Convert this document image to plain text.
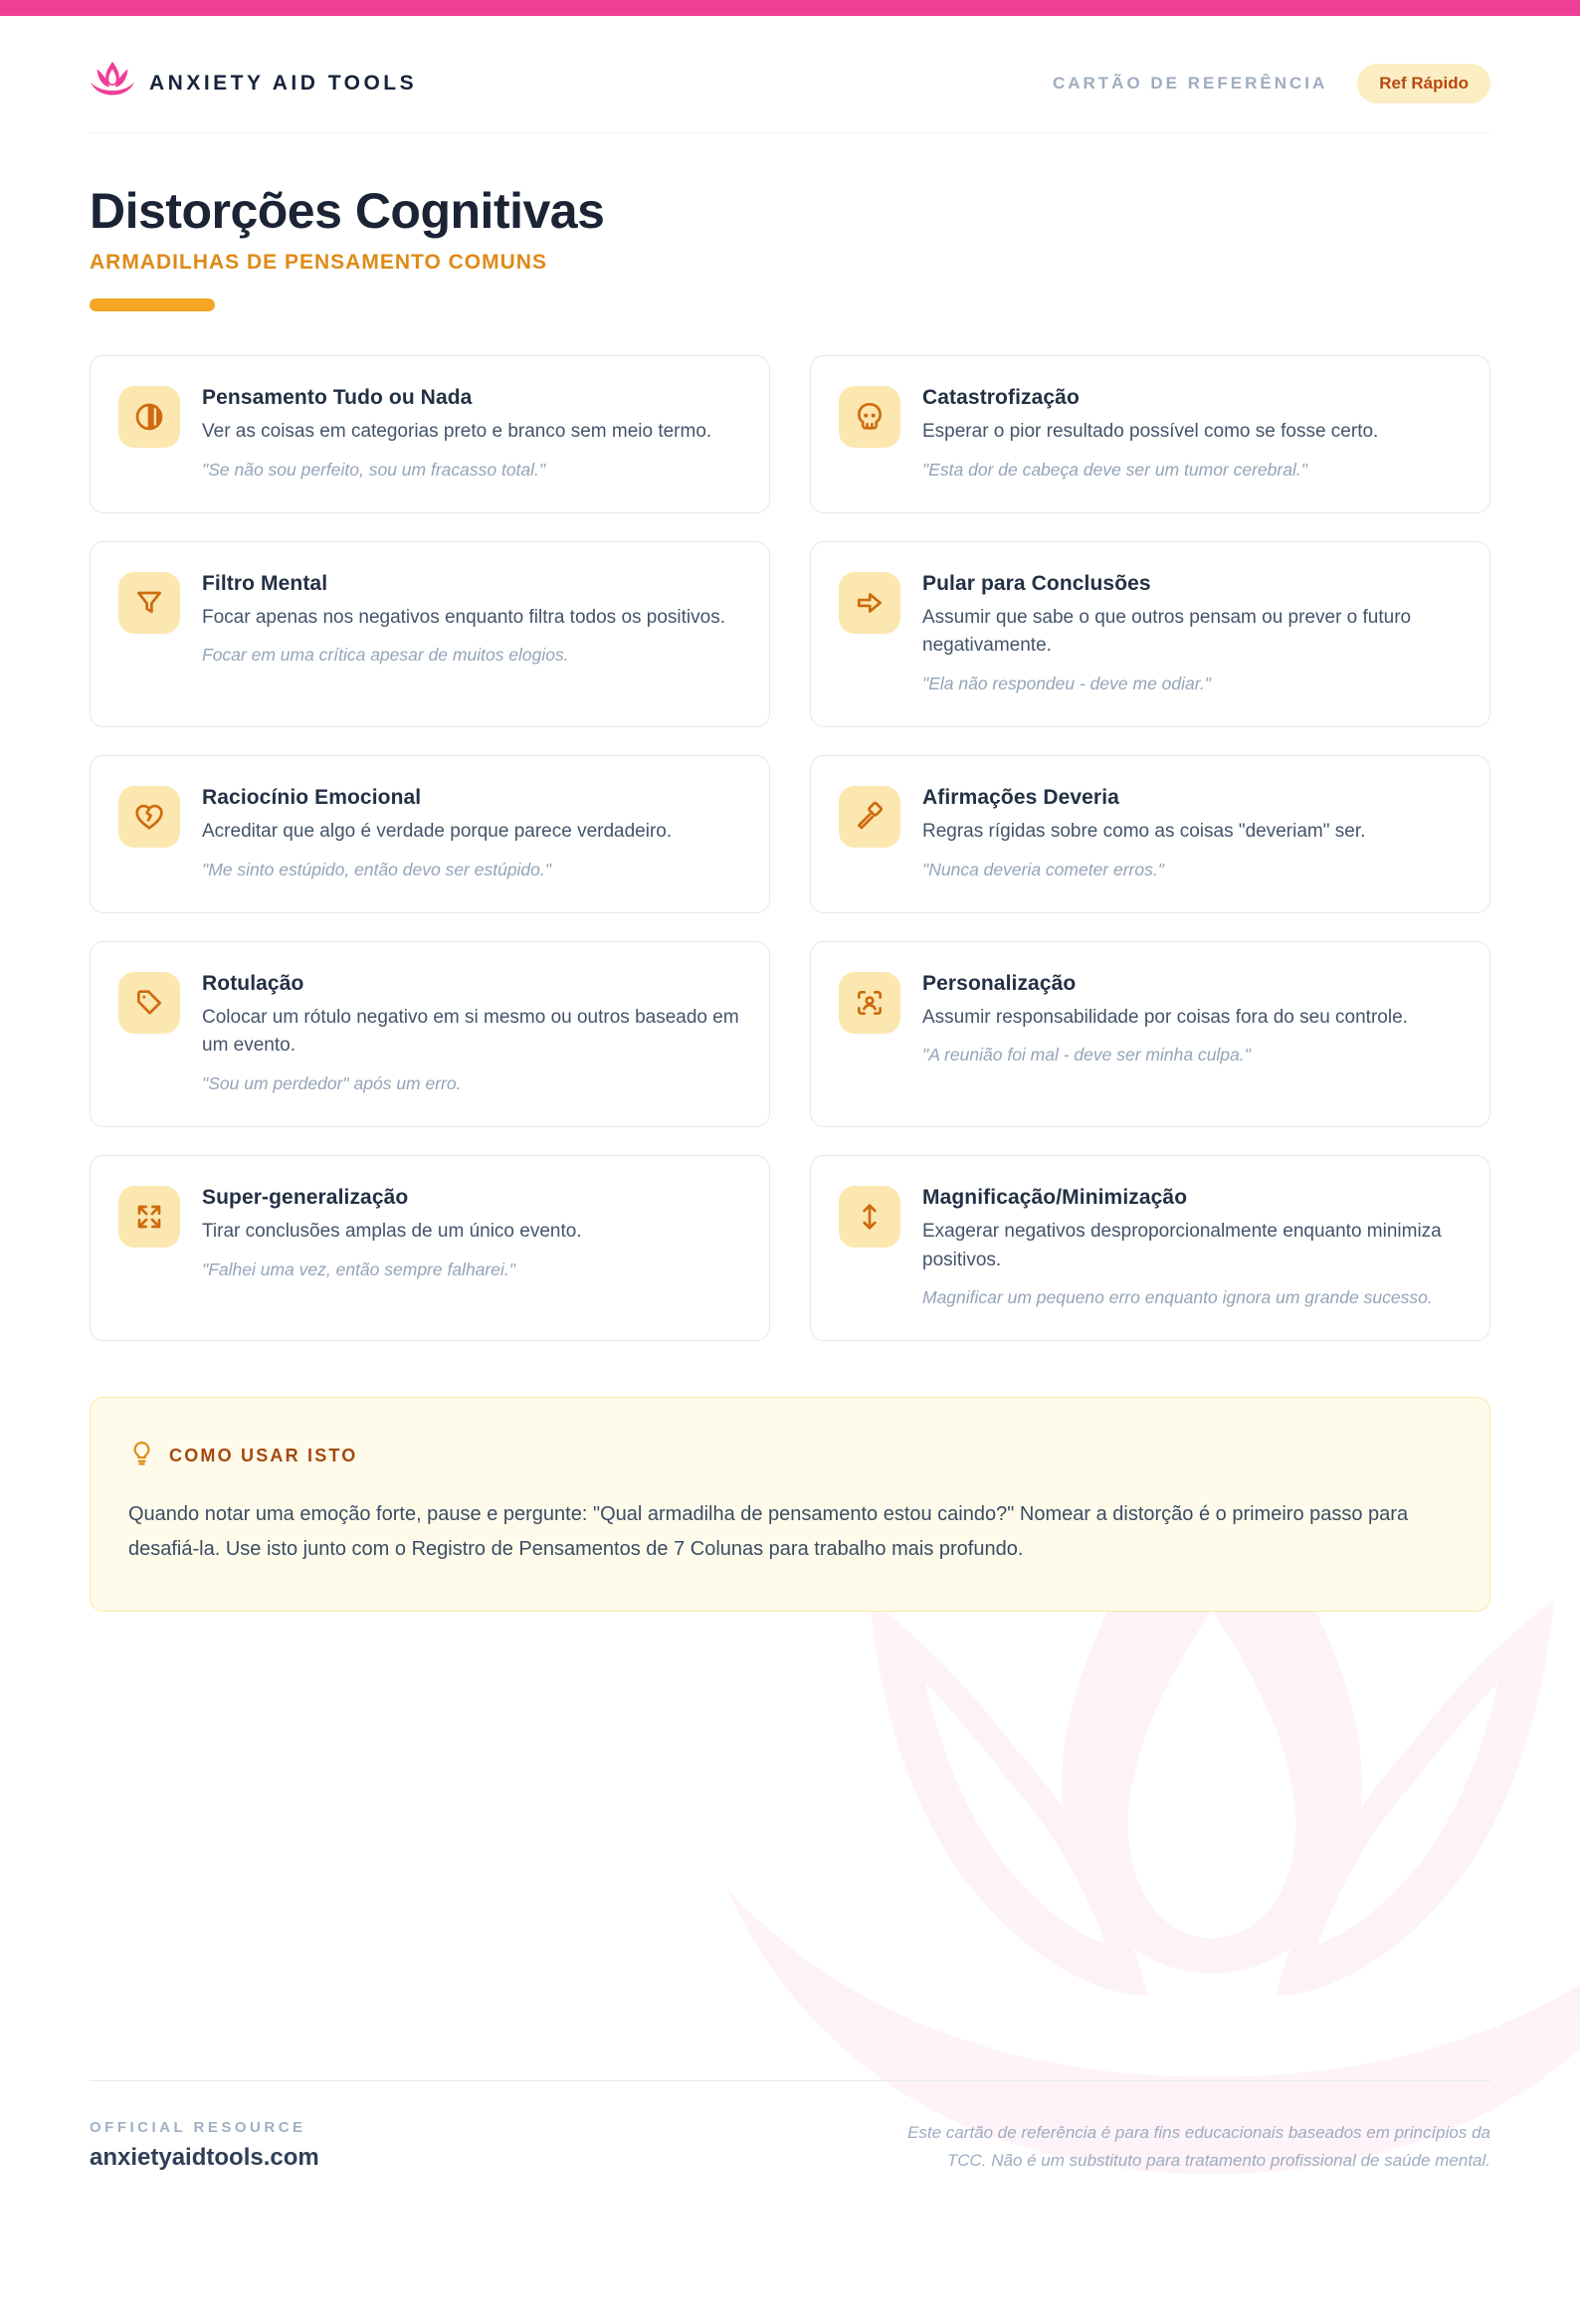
ANXIETY AID TOOLS	CARTÃO DE REFERÊNCIA	Ref Rápido
Distorções Cognitivas
ARMADILHAS DE PENSAMENTO COMUNS
Pensamento Tudo ou Nada
Ver as coisas em categorias preto e branco sem meio termo.
"Se não sou perfeito, sou um fracasso total."
Catastrofização
Esperar o pior resultado possível como se fosse certo.
"Esta dor de cabeça deve ser um tumor cerebral."
Filtro Mental
Focar apenas nos negativos enquanto filtra todos os positivos.
Focar em uma crítica apesar de muitos elogios.
Pular para Conclusões
Assumir que sabe o que outros pensam ou prever o futuro negativamente.
"Ela não respondeu - deve me odiar."
Raciocínio Emocional
Acreditar que algo é verdade porque parece verdadeiro.
"Me sinto estúpido, então devo ser estúpido."
Afirmações Deveria
Regras rígidas sobre como as coisas "deveriam" ser.
"Nunca deveria cometer erros."
Rotulação
Colocar um rótulo negativo em si mesmo ou outros baseado em um evento.
"Sou um perdedor" após um erro.
Personalização
Assumir responsabilidade por coisas fora do seu controle.
"A reunião foi mal - deve ser minha culpa."
Super-generalização
Tirar conclusões amplas de um único evento.
"Falhei uma vez, então sempre falharei."
Magnificação/Minimização
Exagerar negativos desproporcionalmente enquanto minimiza positivos.
Magnificar um pequeno erro enquanto ignora um grande sucesso.
COMO USAR ISTO
Quando notar uma emoção forte, pause e pergunte: "Qual armadilha de pensamento estou caindo?" Nomear a distorção é o primeiro passo para desafiá-la. Use isto junto com o Registro de Pensamentos de 7 Colunas para trabalho mais profundo.
OFFICIAL RESOURCE
anxietyaidtools.com
Este cartão de referência é para fins educacionais baseados em princípios da TCC. Não é um substituto para tratamento profissional de saúde mental.
